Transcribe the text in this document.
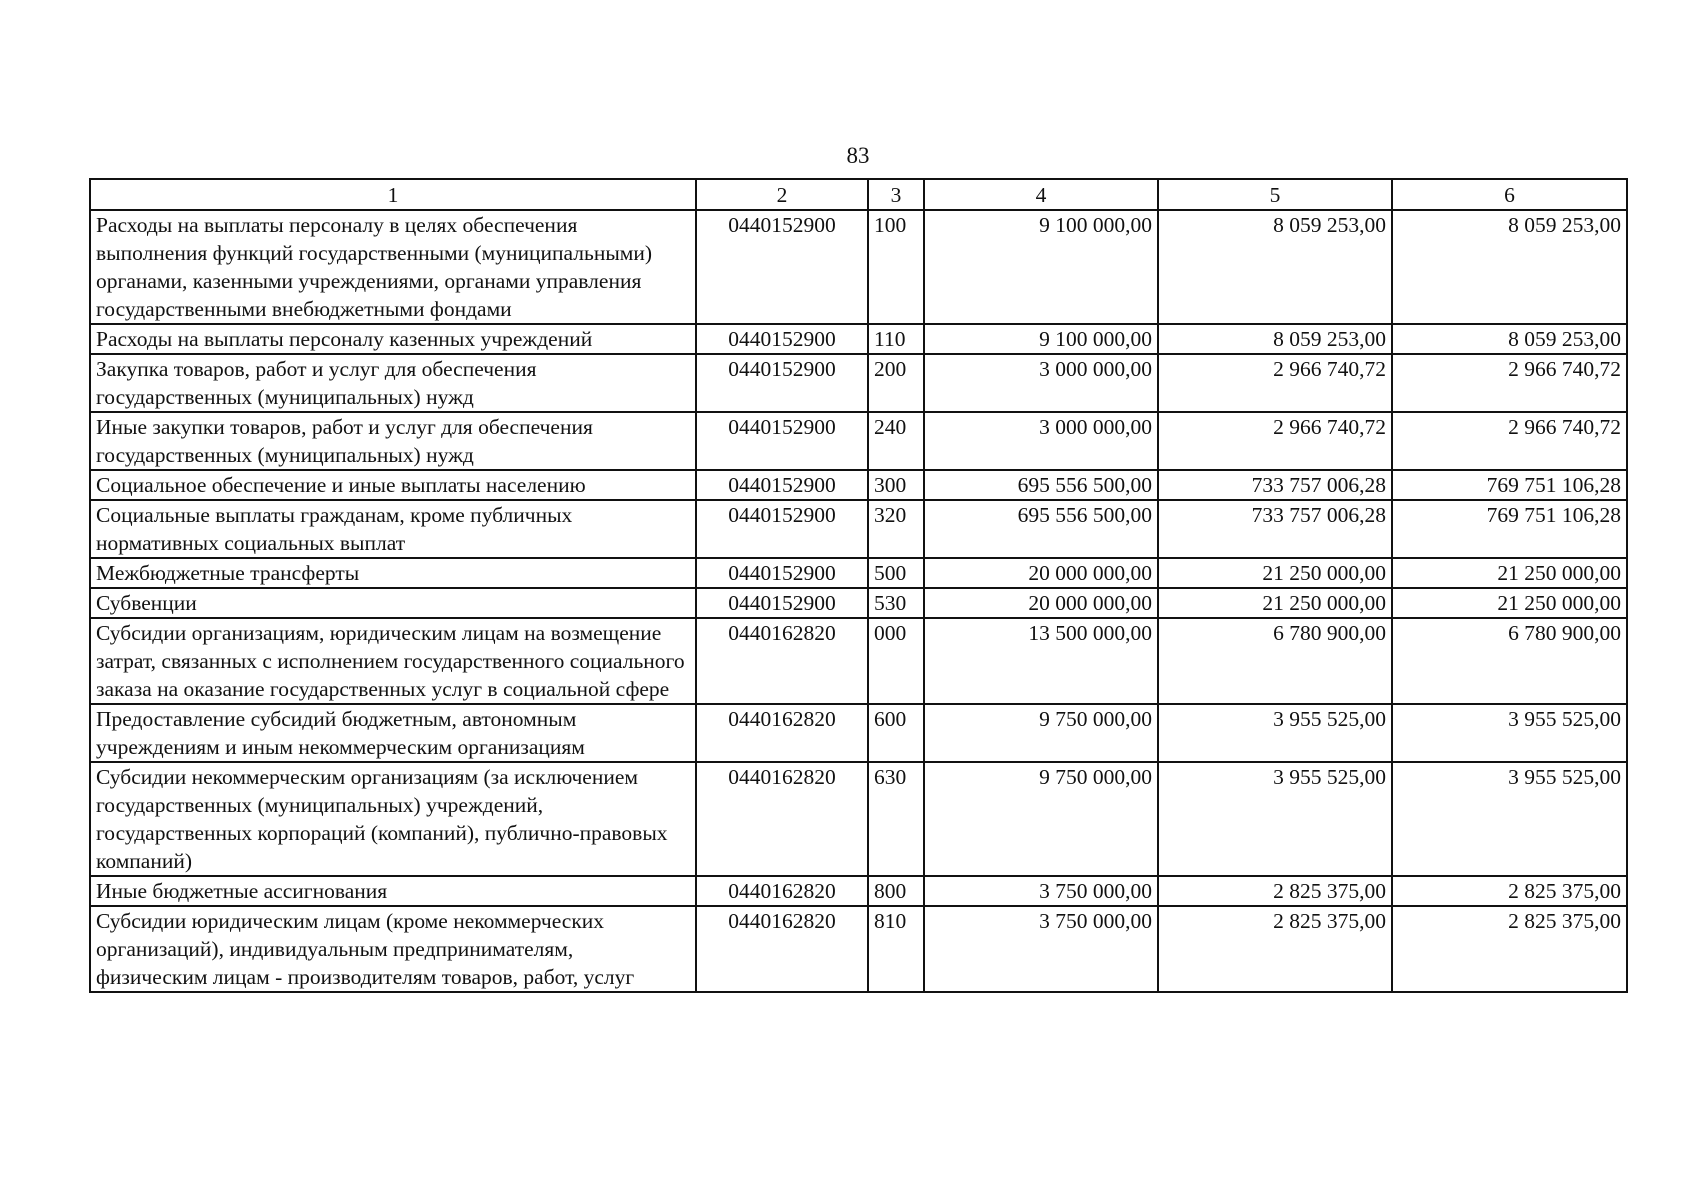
83
1	2	3	4	5	6
Расходы на выплаты персоналу в целях обеспечения выполнения функций государственными (муниципальными) органами, казенными учреждениями, органами управления государственными внебюджетными фондами	0440152900	100	9 100 000,00	8 059 253,00	8 059 253,00
Расходы на выплаты персоналу казенных учреждений	0440152900	110	9 100 000,00	8 059 253,00	8 059 253,00
Закупка товаров, работ и услуг для обеспечения государственных (муниципальных) нужд	0440152900	200	3 000 000,00	2 966 740,72	2 966 740,72
Иные закупки товаров, работ и услуг для обеспечения государственных (муниципальных) нужд	0440152900	240	3 000 000,00	2 966 740,72	2 966 740,72
Социальное обеспечение и иные выплаты населению	0440152900	300	695 556 500,00	733 757 006,28	769 751 106,28
Социальные выплаты гражданам, кроме публичных нормативных социальных выплат	0440152900	320	695 556 500,00	733 757 006,28	769 751 106,28
Межбюджетные трансферты	0440152900	500	20 000 000,00	21 250 000,00	21 250 000,00
Субвенции	0440152900	530	20 000 000,00	21 250 000,00	21 250 000,00
Субсидии организациям, юридическим лицам на возмещение затрат, связанных с исполнением государственного социального заказа на оказание государственных услуг в социальной сфере	0440162820	000	13 500 000,00	6 780 900,00	6 780 900,00
Предоставление субсидий бюджетным, автономным учреждениям и иным некоммерческим организациям	0440162820	600	9 750 000,00	3 955 525,00	3 955 525,00
Субсидии некоммерческим организациям (за исключением государственных (муниципальных) учреждений, государственных корпораций (компаний), публично-правовых компаний)	0440162820	630	9 750 000,00	3 955 525,00	3 955 525,00
Иные бюджетные ассигнования	0440162820	800	3 750 000,00	2 825 375,00	2 825 375,00
Субсидии юридическим лицам (кроме некоммерческих организаций), индивидуальным предпринимателям, физическим лицам - производителям товаров, работ, услуг	0440162820	810	3 750 000,00	2 825 375,00	2 825 375,00
